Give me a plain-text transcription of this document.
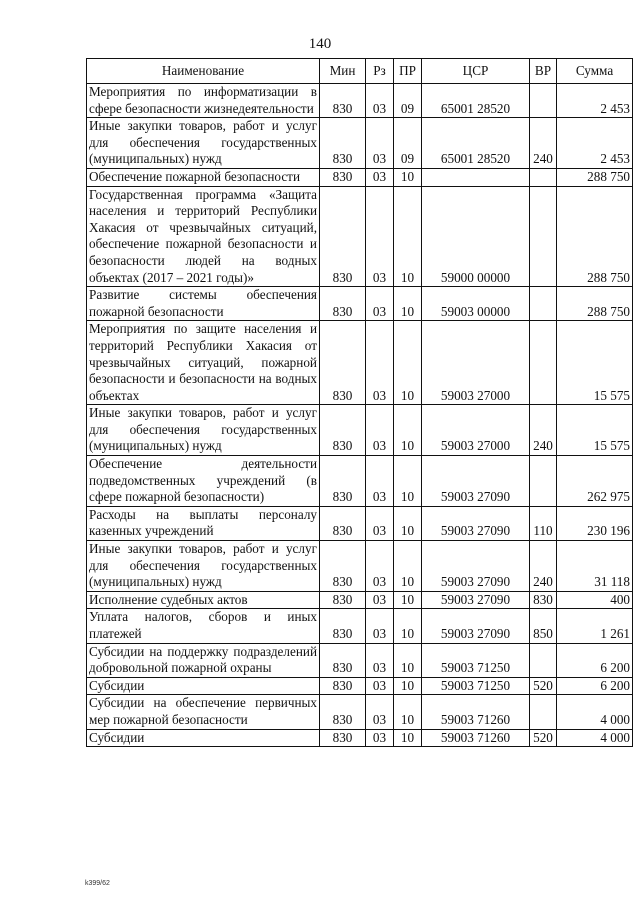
140
Наименование	Мин	Рз	ПР	ЦСР	ВР	Сумма
Мероприятия по информатизации в сфере безопасности жизнедеятельности	830	03	09	65001 28520		2 453
Иные закупки товаров, работ и услуг для обеспечения государственных (муниципальных) нужд	830	03	09	65001 28520	240	2 453
Обеспечение пожарной безопасности	830	03	10			288 750
Государственная программа «Защита населения и территорий Республики Хакасия от чрезвычайных ситуаций, обеспечение пожарной безопасности и безопасности людей на водных объектах (2017 – 2021 годы)»	830	03	10	59000 00000		288 750
Развитие системы обеспечения пожарной безопасности	830	03	10	59003 00000		288 750
Мероприятия по защите населения и территорий Республики Хакасия от чрезвычайных ситуаций, пожарной безопасности и безопасности на водных объектах	830	03	10	59003 27000		15 575
Иные закупки товаров, работ и услуг для обеспечения государственных (муниципальных) нужд	830	03	10	59003 27000	240	15 575
Обеспечение деятельности подведомственных учреждений (в сфере пожарной безопасности)	830	03	10	59003 27090		262 975
Расходы на выплаты персоналу казенных учреждений	830	03	10	59003 27090	110	230 196
Иные закупки товаров, работ и услуг для обеспечения государственных (муниципальных) нужд	830	03	10	59003 27090	240	31 118
Исполнение судебных актов	830	03	10	59003 27090	830	400
Уплата налогов, сборов и иных платежей	830	03	10	59003 27090	850	1 261
Субсидии на поддержку подразделений добровольной пожарной охраны	830	03	10	59003 71250		6 200
Субсидии	830	03	10	59003 71250	520	6 200
Субсидии на обеспечение первичных мер пожарной безопасности	830	03	10	59003 71260		4 000
Субсидии	830	03	10	59003 71260	520	4 000
k399/62
